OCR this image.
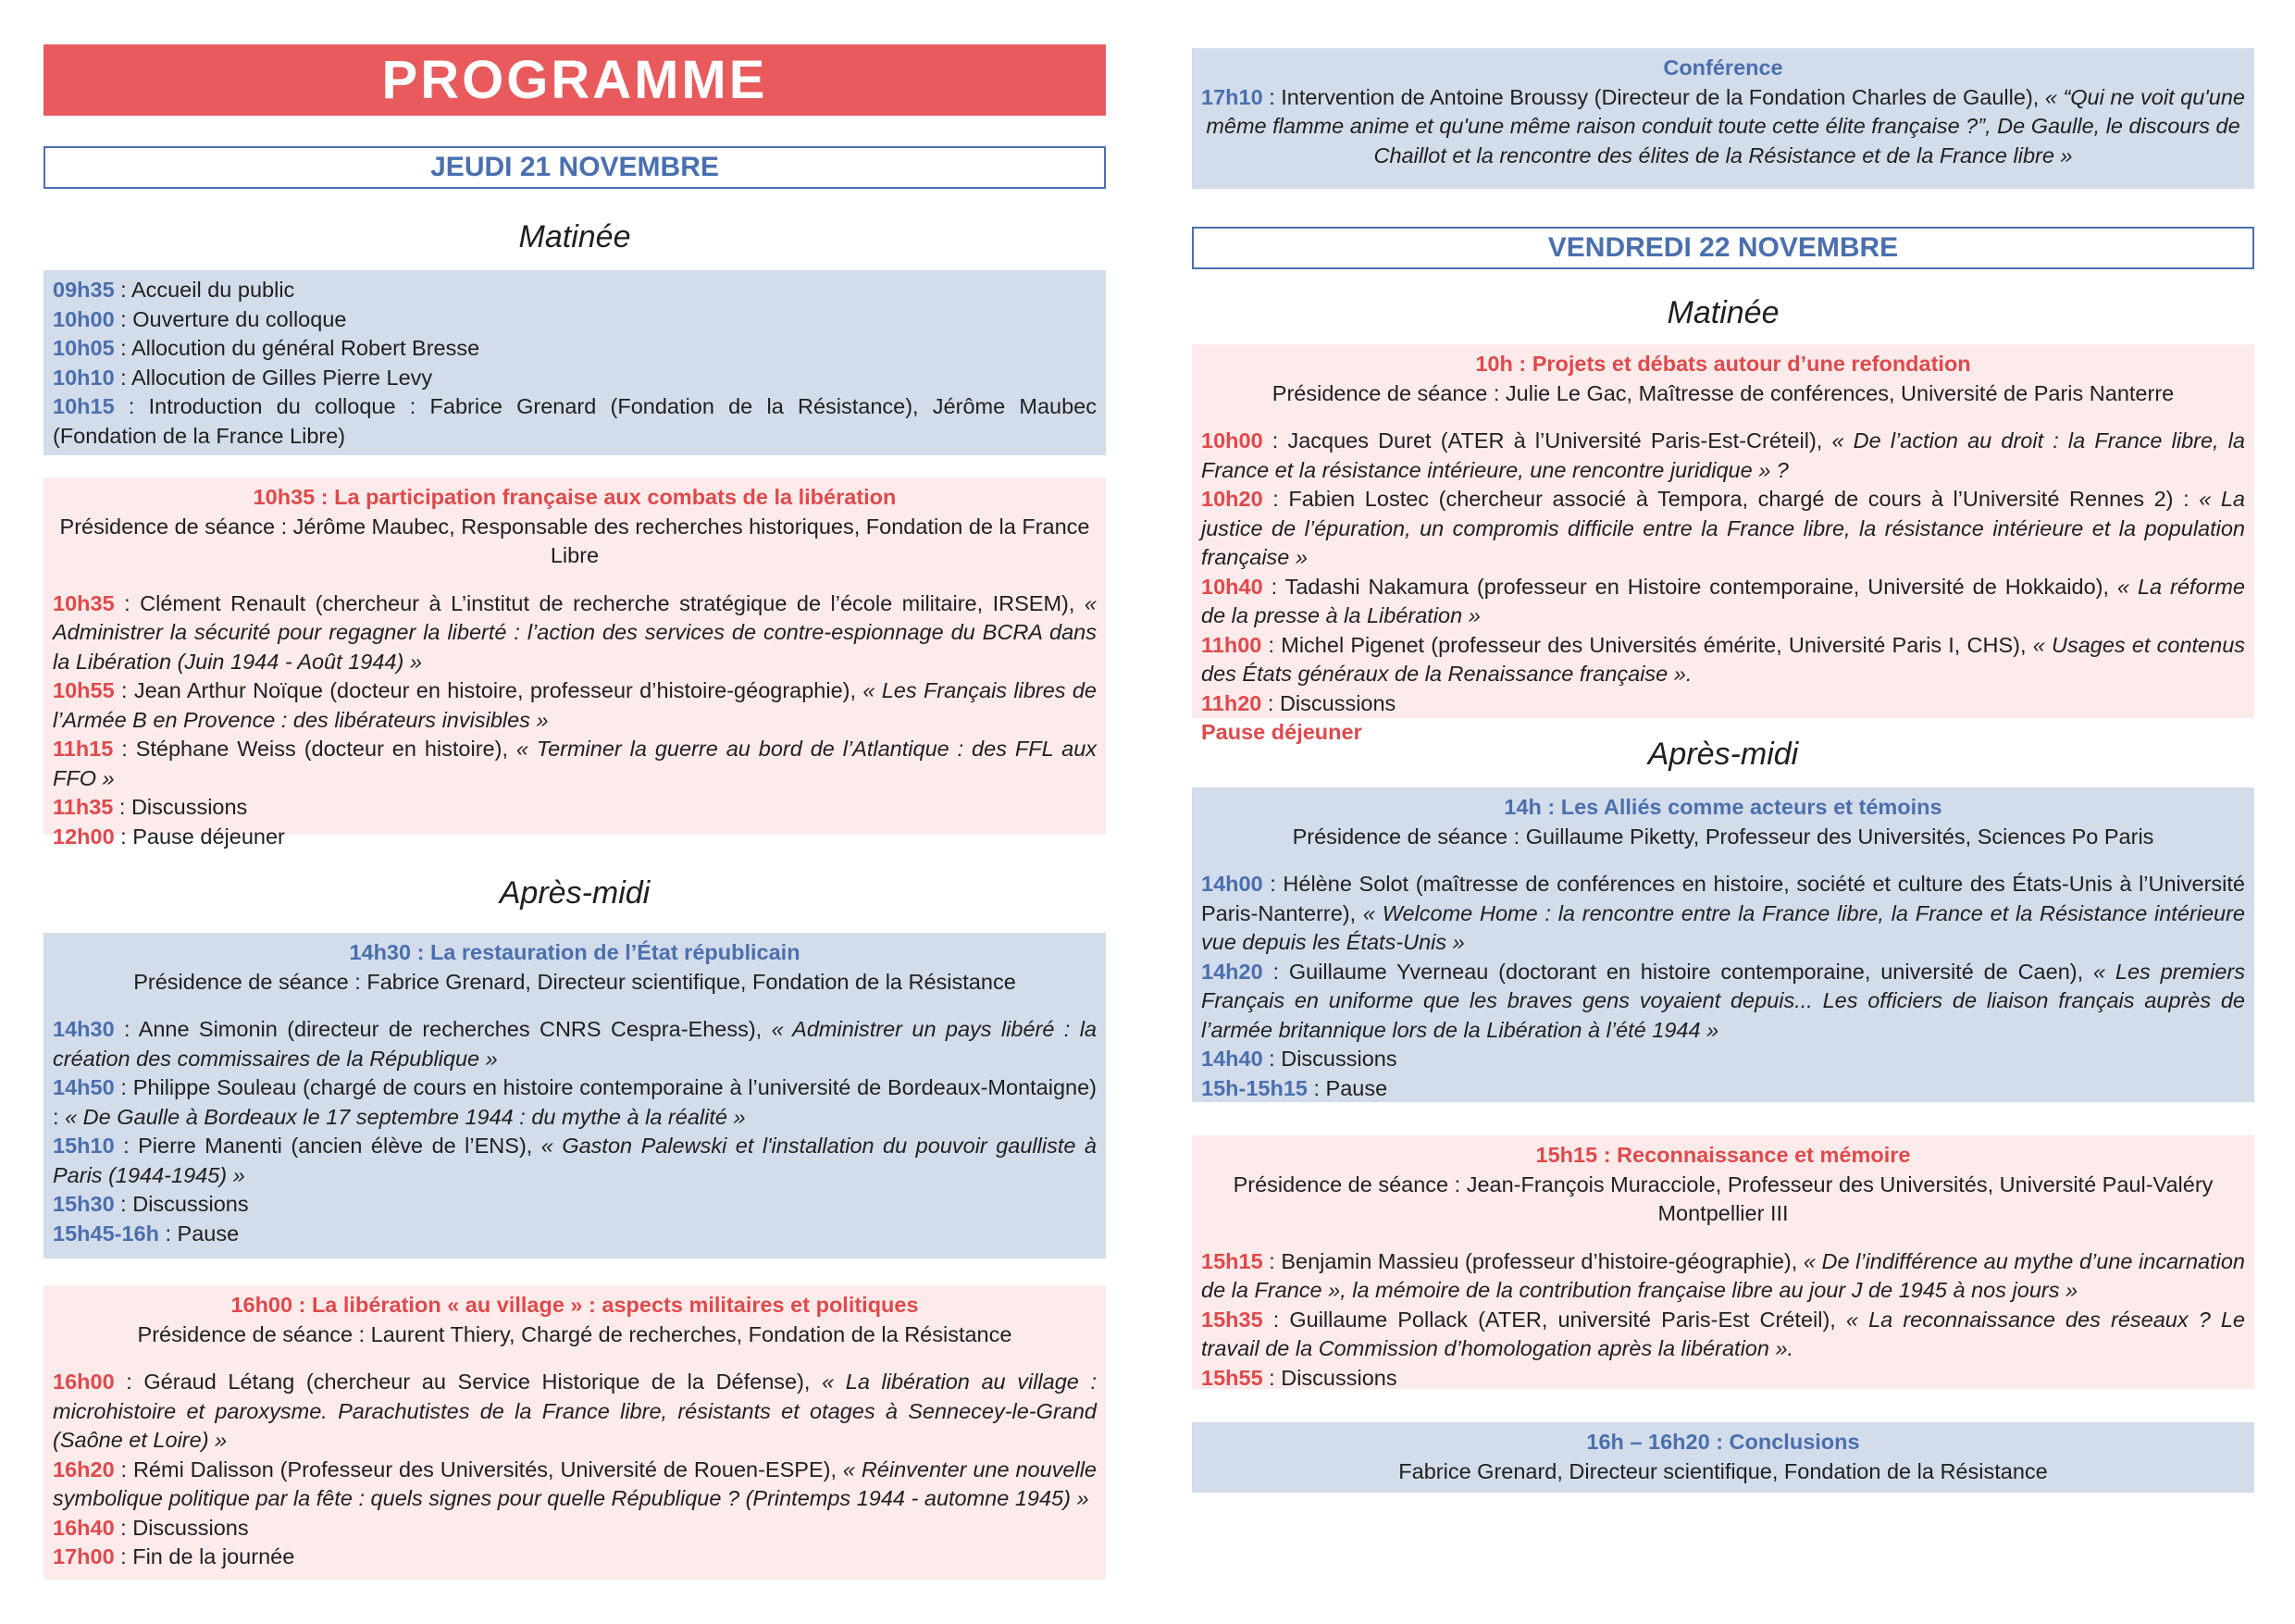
PROGRAMME
JEUDI 21 NOVEMBRE
Matinée
09h35 : Accueil du public
10h00 : Ouverture du colloque
10h05 : Allocution du général Robert Bresse
10h10 : Allocution de Gilles Pierre Levy
10h15 : Introduction du colloque : Fabrice Grenard (Fondation de la Résistance), Jérôme Maubec (Fondation de la France Libre)
10h35 : La participation française aux combats de la libération
Présidence de séance : Jérôme Maubec, Responsable des recherches historiques, Fondation de la France Libre
10h35 : Clément Renault (chercheur à L’institut de recherche stratégique de l’école militaire, IRSEM), « Administrer la sécurité pour regagner la liberté : l’action des services de contre-espionnage du BCRA dans la Libération (Juin 1944 - Août 1944) »
10h55 : Jean Arthur Noïque (docteur en histoire, professeur d’histoire-géographie), « Les Français libres de l’Armée B en Provence : des libérateurs invisibles »
11h15 : Stéphane Weiss (docteur en histoire), « Terminer la guerre au bord de l’Atlantique : des FFL aux FFO »
11h35 : Discussions
12h00 : Pause déjeuner
Après-midi
14h30 : La restauration de l’État républicain
Présidence de séance : Fabrice Grenard, Directeur scientifique, Fondation de la Résistance
14h30 : Anne Simonin (directeur de recherches CNRS Cespra-Ehess), « Administrer un pays libéré : la création des commissaires de la République »
14h50 : Philippe Souleau (chargé de cours en histoire contemporaine à l’université de Bordeaux-Montaigne) : « De Gaulle à Bordeaux le 17 septembre 1944 : du mythe à la réalité »
15h10 : Pierre Manenti (ancien élève de l’ENS), « Gaston Palewski et l'installation du pouvoir gaulliste à Paris (1944-1945) »
15h30 : Discussions
15h45-16h : Pause
16h00 : La libération « au village » : aspects militaires et politiques
Présidence de séance : Laurent Thiery, Chargé de recherches, Fondation de la Résistance
16h00 : Géraud Létang (chercheur au Service Historique de la Défense), « La libération au village : microhistoire et paroxysme. Parachutistes de la France libre, résistants et otages à Sennecey-le-Grand (Saône et Loire) »
16h20 : Rémi Dalisson (Professeur des Universités, Université de Rouen-ESPE), « Réinventer une nouvelle symbolique politique par la fête : quels signes pour quelle République ? (Printemps 1944 - automne 1945) »
16h40 : Discussions
17h00 : Fin de la journée
Conférence
17h10 : Intervention de Antoine Broussy (Directeur de la Fondation Charles de Gaulle), « “Qui ne voit qu'une même flamme anime et qu'une même raison conduit toute cette élite française ?”, De Gaulle, le discours de Chaillot et la rencontre des élites de la Résistance et de la France libre »
VENDREDI 22 NOVEMBRE
Matinée
10h : Projets et débats autour d’une refondation
Présidence de séance : Julie Le Gac, Maîtresse de conférences, Université de Paris Nanterre
10h00 : Jacques Duret (ATER à l’Université Paris-Est-Créteil), « De l’action au droit : la France libre, la France et la résistance intérieure, une rencontre juridique » ?
10h20 : Fabien Lostec (chercheur associé à Tempora, chargé de cours à l’Université Rennes 2) : « La justice de l’épuration, un compromis difficile entre la France libre, la résistance intérieure et la population française »
10h40 : Tadashi Nakamura (professeur en Histoire contemporaine, Université de Hokkaido), « La réforme de la presse à la Libération »
11h00 : Michel Pigenet (professeur des Universités émérite, Université Paris I, CHS), « Usages et contenus des États généraux de la Renaissance française ».
11h20 : Discussions
Pause déjeuner
Après-midi
14h : Les Alliés comme acteurs et témoins
Présidence de séance : Guillaume Piketty, Professeur des Universités, Sciences Po Paris
14h00 : Hélène Solot (maîtresse de conférences en histoire, société et culture des États-Unis à l’Université Paris-Nanterre), « Welcome Home : la rencontre entre la France libre, la France et la Résistance intérieure vue depuis les États-Unis »
14h20 : Guillaume Yverneau (doctorant en histoire contemporaine, université de Caen), « Les premiers Français en uniforme que les braves gens voyaient depuis... Les officiers de liaison français auprès de l’armée britannique lors de la Libération à l’été 1944 »
14h40 : Discussions
15h-15h15 : Pause
15h15 : Reconnaissance et mémoire
Présidence de séance : Jean-François Muracciole, Professeur des Universités, Université Paul-Valéry Montpellier III
15h15 : Benjamin Massieu (professeur d’histoire-géographie), « De l’indifférence au mythe d’une incarnation de la France », la mémoire de la contribution française libre au jour J de 1945 à nos jours »
15h35 : Guillaume Pollack (ATER, université Paris-Est Créteil), « La reconnaissance des réseaux ? Le travail de la Commission d’homologation après la libération ».
15h55 : Discussions
16h – 16h20 : Conclusions
Fabrice Grenard, Directeur scientifique, Fondation de la Résistance
